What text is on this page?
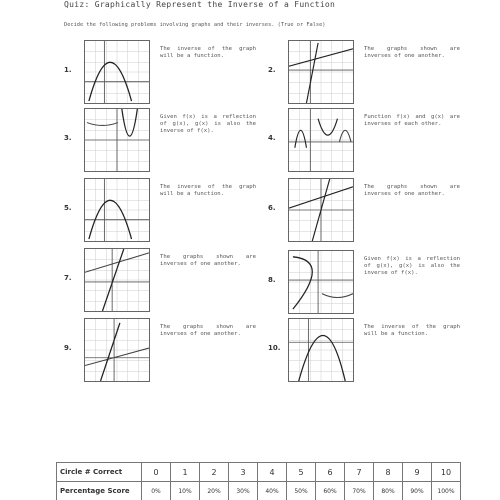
Quiz: Graphically Represent the Inverse of a Function
Decide the following problems involving graphs and their inverses. (True or False)
1.
The inverse of the graph will be a function.
2.
The graphs shown are inverses of one another.
3.
Given f(x) is a reflection of g(x), g(x) is also the inverse of f(x).
4.
Function f(x) and g(x) are inverses of each other.
5.
The inverse of the graph will be a function.
6.
The graphs shown are inverses of one another.
7.
The graphs shown are inverses of one another.
8.
Given f(x) is a reflection of g(x), g(x) is also the inverse of f(x).
9.
The graphs shown are inverses of one another.
10.
The inverse of the graph will be a function.
Circle # Correct	0	1	2	3	4	5	6	7	8	9	10
Percentage Score	0%	10%	20%	30%	40%	50%	60%	70%	80%	90%	100%
